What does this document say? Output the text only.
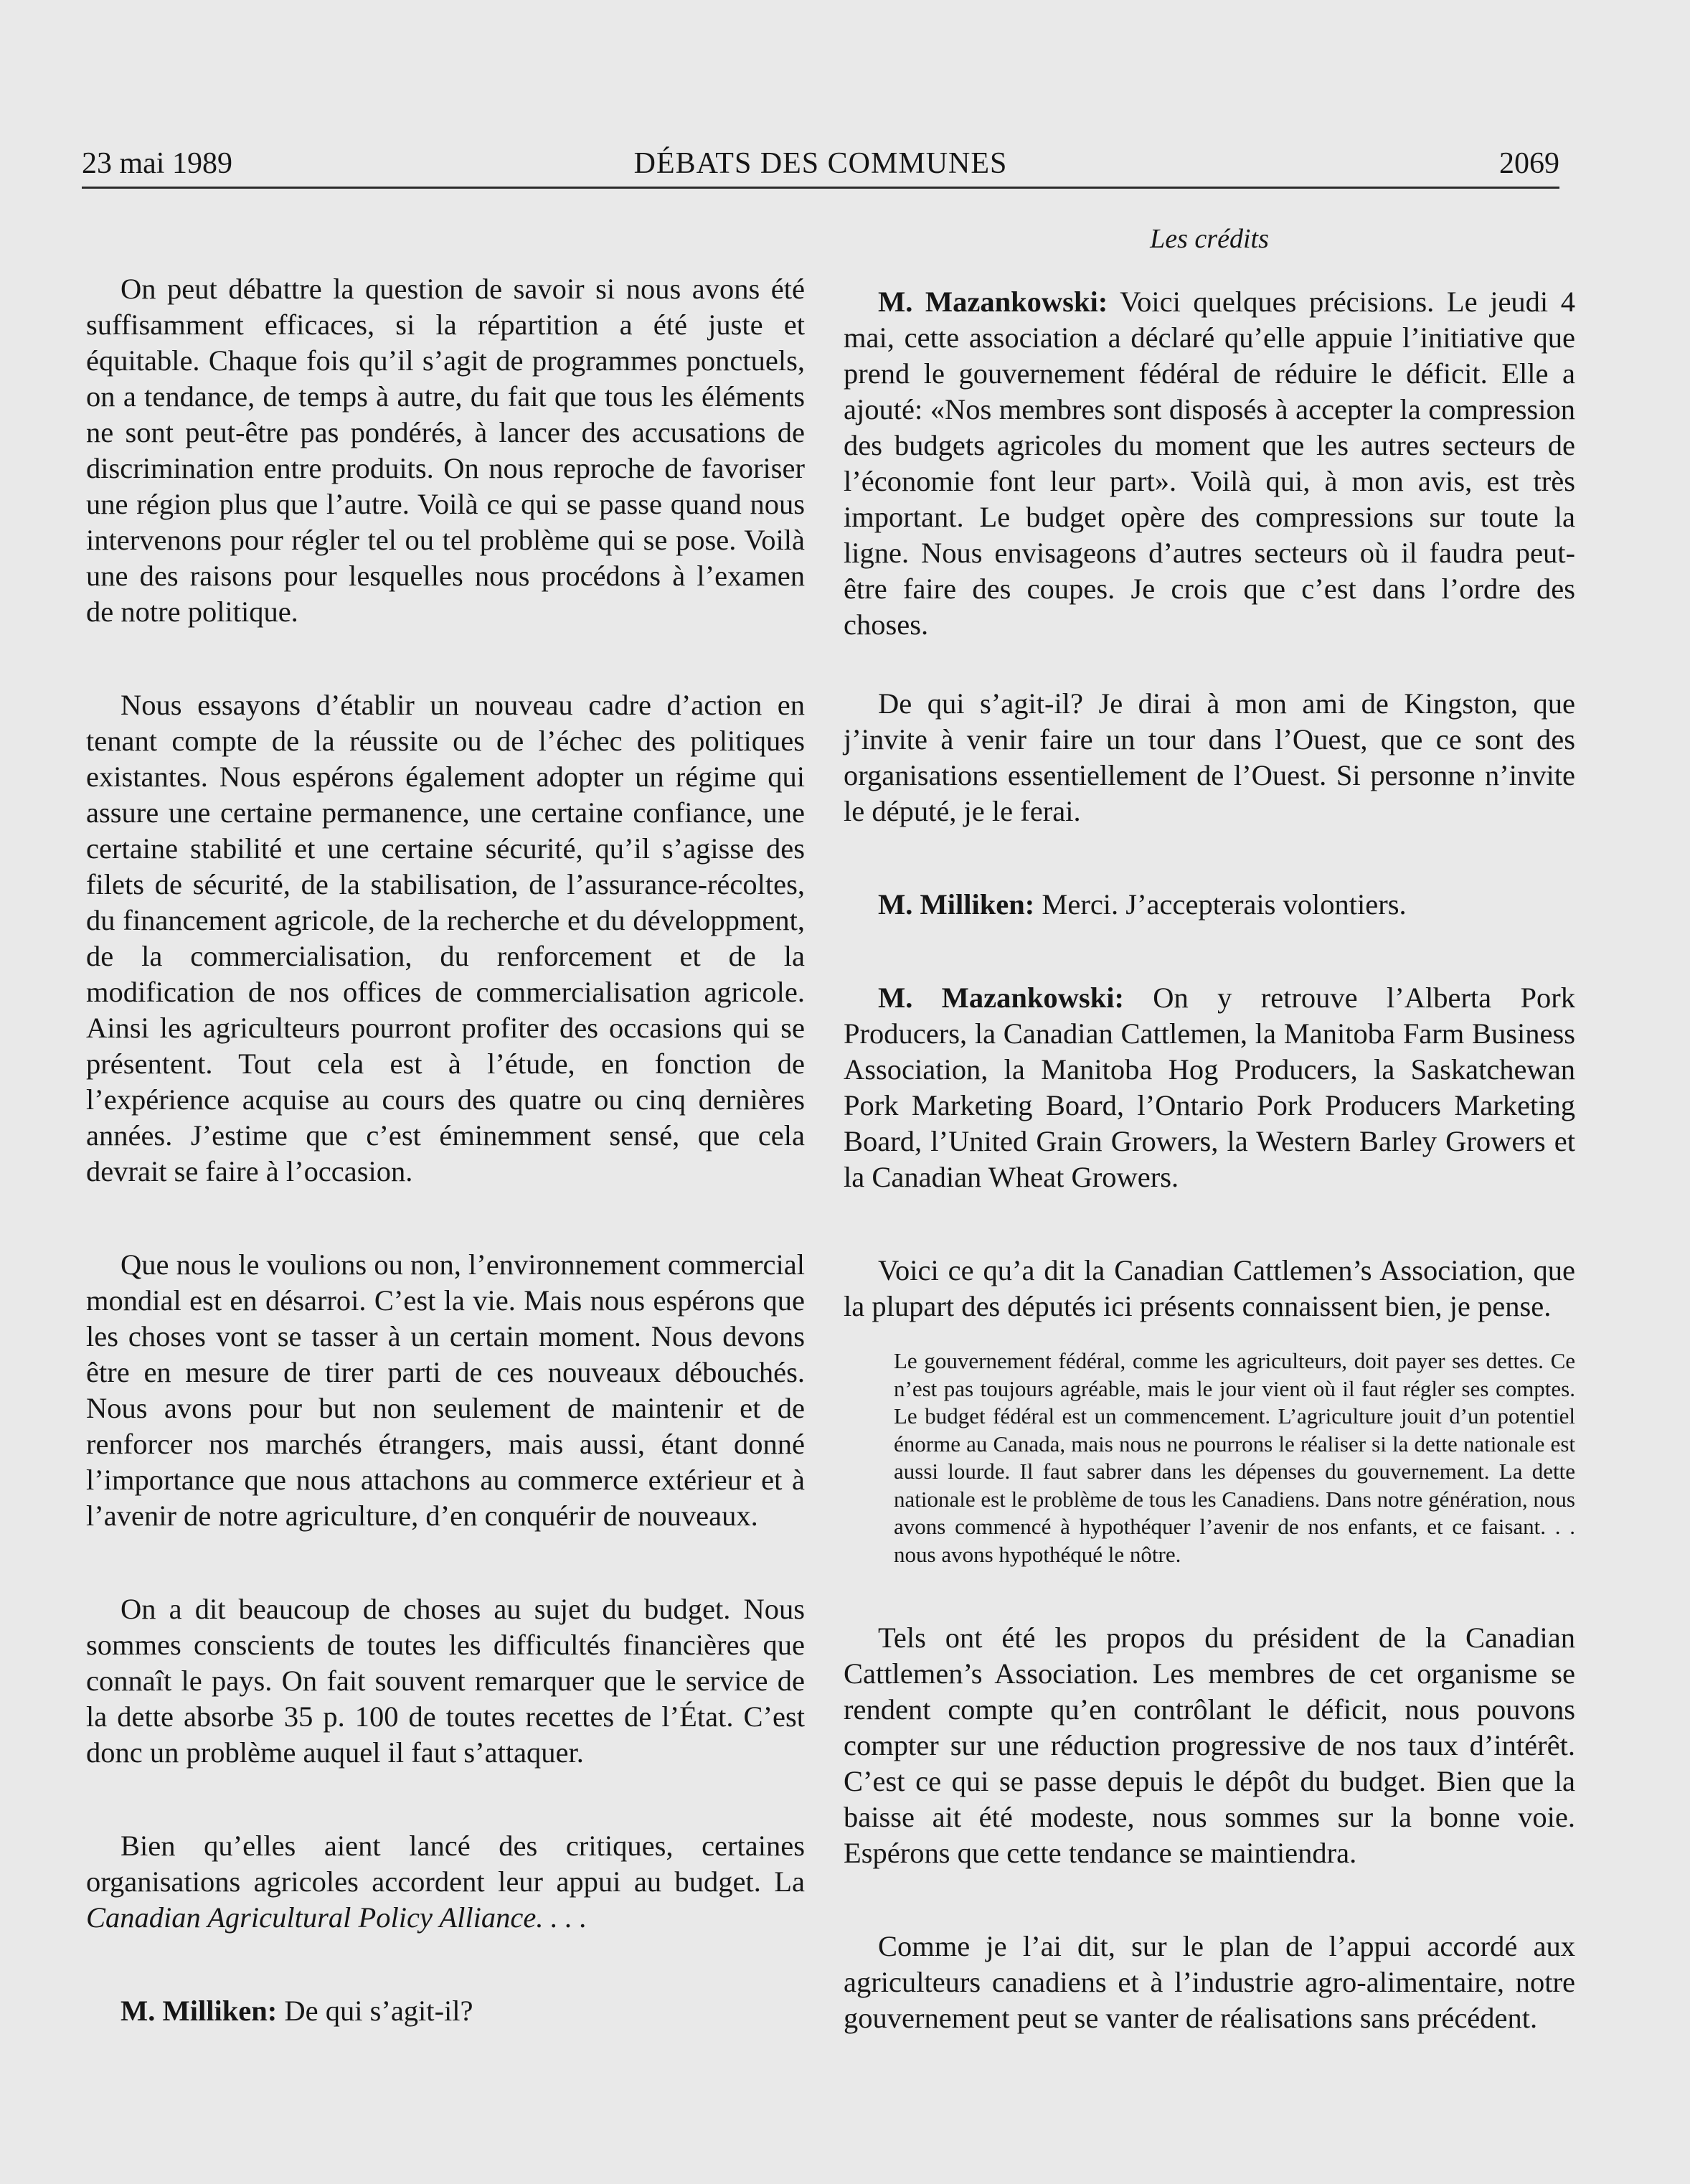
23 mai 1989	DÉBATS DES COMMUNES	2069

On peut débattre la question de savoir si nous avons été suffisamment efficaces, si la répartition a été juste et équitable. Chaque fois qu’il s’agit de programmes ponctuels, on a tendance, de temps à autre, du fait que tous les éléments ne sont peut-être pas pondérés, à lancer des accusations de discrimination entre produits. On nous reproche de favoriser une région plus que l’autre. Voilà ce qui se passe quand nous intervenons pour régler tel ou tel problème qui se pose. Voilà une des raisons pour lesquelles nous procédons à l’examen de notre politique.

Nous essayons d’établir un nouveau cadre d’action en tenant compte de la réussite ou de l’échec des politiques existantes. Nous espérons également adopter un régime qui assure une certaine permanence, une certaine confiance, une certaine stabilité et une certaine sécurité, qu’il s’agisse des filets de sécurité, de la stabilisation, de l’assurance-récoltes, du financement agricole, de la recherche et du développment, de la commercialisation, du renforcement et de la modification de nos offices de commercialisation agricole. Ainsi les agriculteurs pourront profiter des occasions qui se présentent. Tout cela est à l’étude, en fonction de l’expérience acquise au cours des quatre ou cinq dernières années. J’estime que c’est éminemment sensé, que cela devrait se faire à l’occasion.

Que nous le voulions ou non, l’environnement commercial mondial est en désarroi. C’est la vie. Mais nous espérons que les choses vont se tasser à un certain moment. Nous devons être en mesure de tirer parti de ces nouveaux débouchés. Nous avons pour but non seulement de maintenir et de renforcer nos marchés étrangers, mais aussi, étant donné l’importance que nous attachons au commerce extérieur et à l’avenir de notre agriculture, d’en conquérir de nouveaux.

On a dit beaucoup de choses au sujet du budget. Nous sommes conscients de toutes les difficultés financières que connaît le pays. On fait souvent remarquer que le service de la dette absorbe 35 p. 100 de toutes recettes de l’État. C’est donc un problème auquel il faut s’attaquer.

Bien qu’elles aient lancé des critiques, certaines organisations agricoles accordent leur appui au budget. La Canadian Agricultural Policy Alliance. . . .

M. Milliken: De qui s’agit-il?

Les crédits

M. Mazankowski: Voici quelques précisions. Le jeudi 4 mai, cette association a déclaré qu’elle appuie l’initiative que prend le gouvernement fédéral de réduire le déficit. Elle a ajouté: «Nos membres sont disposés à accepter la compression des budgets agricoles du moment que les autres secteurs de l’économie font leur part». Voilà qui, à mon avis, est très important. Le budget opère des compressions sur toute la ligne. Nous envisageons d’autres secteurs où il faudra peut-être faire des coupes. Je crois que c’est dans l’ordre des choses.

De qui s’agit-il? Je dirai à mon ami de Kingston, que j’invite à venir faire un tour dans l’Ouest, que ce sont des organisations essentiellement de l’Ouest. Si personne n’invite le député, je le ferai.

M. Milliken: Merci. J’accepterais volontiers.

M. Mazankowski: On y retrouve l’Alberta Pork Producers, la Canadian Cattlemen, la Manitoba Farm Business Association, la Manitoba Hog Producers, la Saskatchewan Pork Marketing Board, l’Ontario Pork Producers Marketing Board, l’United Grain Growers, la Western Barley Growers et la Canadian Wheat Growers.

Voici ce qu’a dit la Canadian Cattlemen’s Association, que la plupart des députés ici présents connaissent bien, je pense.

Le gouvernement fédéral, comme les agriculteurs, doit payer ses dettes. Ce n’est pas toujours agréable, mais le jour vient où il faut régler ses comptes. Le budget fédéral est un commencement. L’agriculture jouit d’un potentiel énorme au Canada, mais nous ne pourrons le réaliser si la dette nationale est aussi lourde. Il faut sabrer dans les dépenses du gouvernement. La dette nationale est le problème de tous les Canadiens. Dans notre génération, nous avons commencé à hypothéquer l’avenir de nos enfants, et ce faisant. . . nous avons hypothéqué le nôtre.

Tels ont été les propos du président de la Canadian Cattlemen’s Association. Les membres de cet organisme se rendent compte qu’en contrôlant le déficit, nous pouvons compter sur une réduction progressive de nos taux d’intérêt. C’est ce qui se passe depuis le dépôt du budget. Bien que la baisse ait été modeste, nous sommes sur la bonne voie. Espérons que cette tendance se maintiendra.

Comme je l’ai dit, sur le plan de l’appui accordé aux agriculteurs canadiens et à l’industrie agro-alimentaire, notre gouvernement peut se vanter de réalisations sans précédent.
